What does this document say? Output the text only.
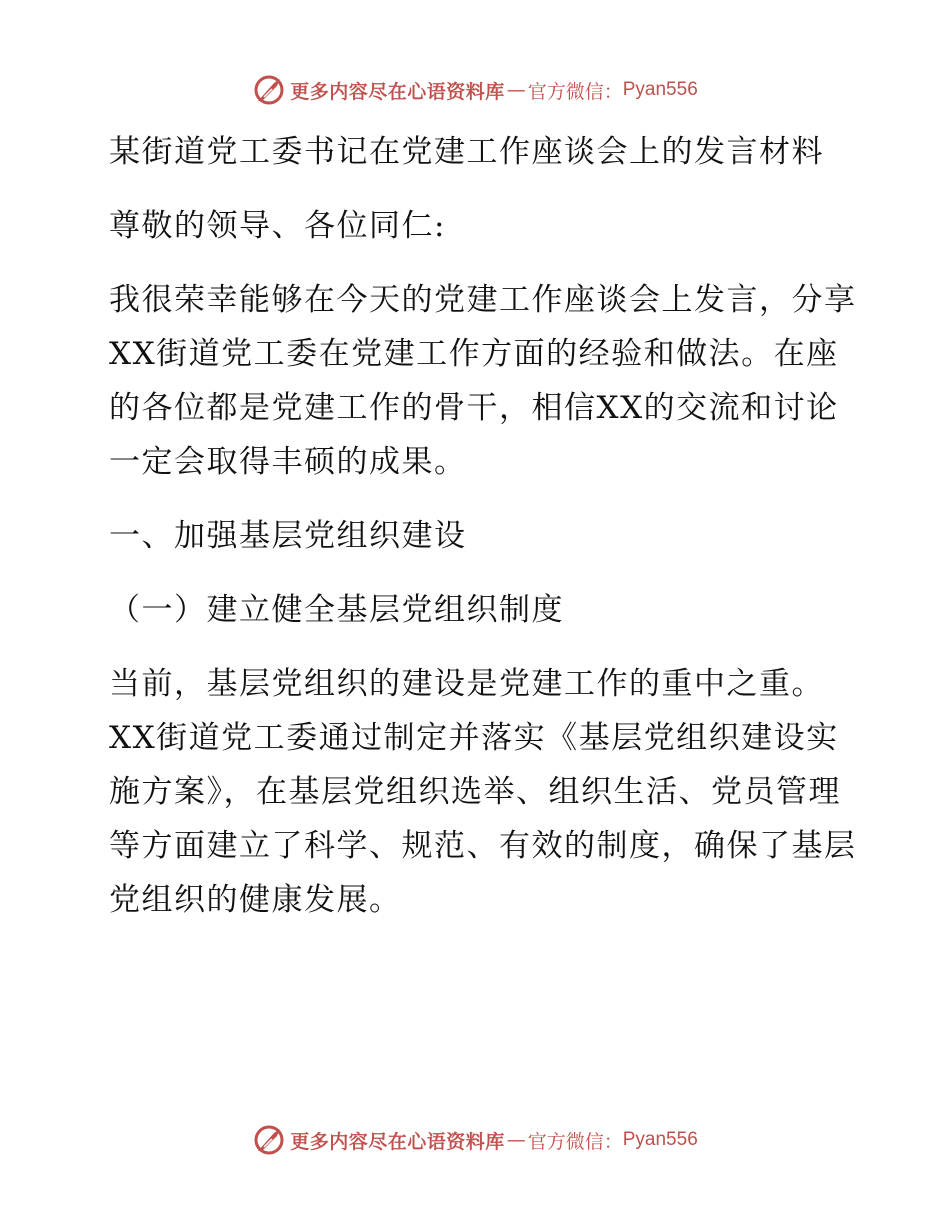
更多内容尽在心语资料库 — 官方微信： Pyan556

某街道党工委书记在党建工作座谈会上的发言材料

尊敬的领导、各位同仁:

我很荣幸能够在今天的党建工作座谈会上发言，分享XX街道党工委在党建工作方面的经验和做法。在座的各位都是党建工作的骨干，相信XX的交流和讨论一定会取得丰硕的成果。

一、加强基层党组织建设

（一）建立健全基层党组织制度

当前，基层党组织的建设是党建工作的重中之重。XX街道党工委通过制定并落实《基层党组织建设实施方案》，在基层党组织选举、组织生活、党员管理等方面建立了科学、规范、有效的制度，确保了基层党组织的健康发展。

更多内容尽在心语资料库 — 官方微信： Pyan556
